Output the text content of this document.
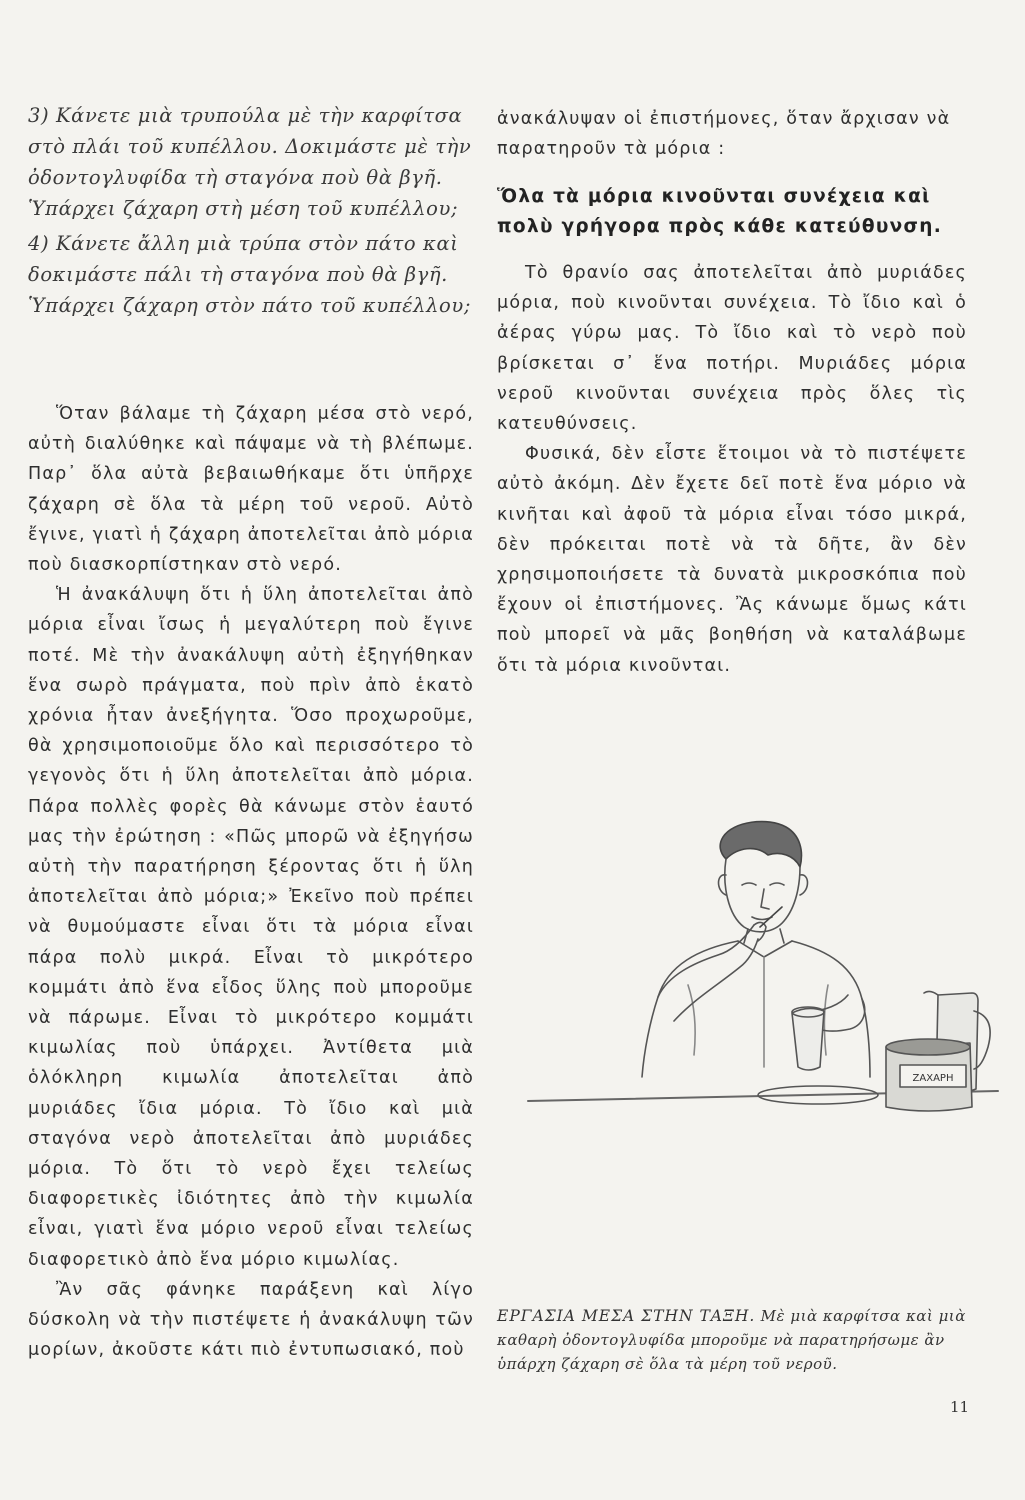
3) Κάνετε μιὰ τρυπούλα μὲ τὴν καρφίτσα στὸ πλάι τοῦ κυπέλλου. Δοκιμάστε μὲ τὴν ὀδοντογλυφίδα τὴ σταγόνα ποὺ θὰ βγῆ. Ὑπάρχει ζάχαρη στὴ μέση τοῦ κυπέλλου;

4) Κάνετε ἄλλη μιὰ τρύπα στὸν πάτο καὶ δοκιμάστε πάλι τὴ σταγόνα ποὺ θὰ βγῆ. Ὑπάρχει ζάχαρη στὸν πάτο τοῦ κυπέλλου;

Ὅταν βάλαμε τὴ ζάχαρη μέσα στὸ νερό, αὐτὴ διαλύθηκε καὶ πάψαμε νὰ τὴ βλέπωμε. Παρ᾽ ὅλα αὐτὰ βεβαιωθήκαμε ὅτι ὑπῆρχε ζάχαρη σὲ ὅλα τὰ μέρη τοῦ νεροῦ. Αὐτὸ ἔγινε, γιατὶ ἡ ζάχαρη ἀποτελεῖται ἀπὸ μόρια ποὺ διασκορπίστηκαν στὸ νερό.

Ἡ ἀνακάλυψη ὅτι ἡ ὕλη ἀποτελεῖται ἀπὸ μόρια εἶναι ἴσως ἡ μεγαλύτερη ποὺ ἔγινε ποτέ. Μὲ τὴν ἀνακάλυψη αὐτὴ ἐξηγήθηκαν ἕνα σωρὸ πράγματα, ποὺ πρὶν ἀπὸ ἑκατὸ χρόνια ἦταν ἀνεξήγητα. Ὅσο προχωροῦμε, θὰ χρησιμοποιοῦμε ὅλο καὶ περισσότερο τὸ γεγονὸς ὅτι ἡ ὕλη ἀποτελεῖται ἀπὸ μόρια. Πάρα πολλὲς φορὲς θὰ κάνωμε στὸν ἑαυτό μας τὴν ἐρώτηση : «Πῶς μπορῶ νὰ ἐξηγήσω αὐτὴ τὴν παρατήρηση ξέροντας ὅτι ἡ ὕλη ἀποτελεῖται ἀπὸ μόρια;» Ἐκεῖνο ποὺ πρέπει νὰ θυμούμαστε εἶναι ὅτι τὰ μόρια εἶναι πάρα πολὺ μικρά. Εἶναι τὸ μικρότερο κομμάτι ἀπὸ ἕνα εἶδος ὕλης ποὺ μποροῦμε νὰ πάρωμε. Εἶναι τὸ μικρότερο κομμάτι κιμωλίας ποὺ ὑπάρχει. Ἀντίθετα μιὰ ὁλόκληρη κιμωλία ἀποτελεῖται ἀπὸ μυριάδες ἴδια μόρια. Τὸ ἴδιο καὶ μιὰ σταγόνα νερὸ ἀποτελεῖται ἀπὸ μυριάδες μόρια. Τὸ ὅτι τὸ νερὸ ἔχει τελείως διαφορετικὲς ἰδιότητες ἀπὸ τὴν κιμωλία εἶναι, γιατὶ ἕνα μόριο νεροῦ εἶναι τελείως διαφορετικὸ ἀπὸ ἕνα μόριο κιμωλίας.

Ἂν σᾶς φάνηκε παράξενη καὶ λίγο δύσκολη νὰ τὴν πιστέψετε ἡ ἀνακάλυψη τῶν μορίων, ἀκοῦστε κάτι πιὸ ἐντυπωσιακό, ποὺ

ἀνακάλυψαν οἱ ἐπιστήμονες, ὅταν ἄρχισαν νὰ παρατηροῦν τὰ μόρια :

Ὅλα τὰ μόρια κινοῦνται συνέχεια καὶ πολὺ γρήγορα πρὸς κάθε κατεύθυνση.

Τὸ θρανίο σας ἀποτελεῖται ἀπὸ μυριάδες μόρια, ποὺ κινοῦνται συνέχεια. Τὸ ἴδιο καὶ ὁ ἀέρας γύρω μας. Τὸ ἴδιο καὶ τὸ νερὸ ποὺ βρίσκεται σ᾽ ἕνα ποτήρι. Μυριάδες μόρια νεροῦ κινοῦνται συνέχεια πρὸς ὅλες τὶς κατευθύνσεις.

Φυσικά, δὲν εἶστε ἕτοιμοι νὰ τὸ πιστέψετε αὐτὸ ἀκόμη. Δὲν ἔχετε δεῖ ποτὲ ἕνα μόριο νὰ κινῆται καὶ ἀφοῦ τὰ μόρια εἶναι τόσο μικρά, δὲν πρόκειται ποτὲ νὰ τὰ δῆτε, ἂν δὲν χρησιμοποιήσετε τὰ δυνατὰ μικροσκόπια ποὺ ἔχουν οἱ ἐπιστήμονες. Ἂς κάνωμε ὅμως κάτι ποὺ μπορεῖ νὰ μᾶς βοηθήση νὰ καταλάβωμε ὅτι τὰ μόρια κινοῦνται.

ΖΑΧΑΡΗ
ΕΡΓΑΣΙΑ ΜΕΣΑ ΣΤΗΝ ΤΑΞΗ. Μὲ μιὰ καρφίτσα καὶ μιὰ καθαρὴ ὀδοντογλυφίδα μποροῦμε νὰ παρατηρήσωμε ἂν ὑπάρχη ζάχαρη σὲ ὅλα τὰ μέρη τοῦ νεροῦ.
11
